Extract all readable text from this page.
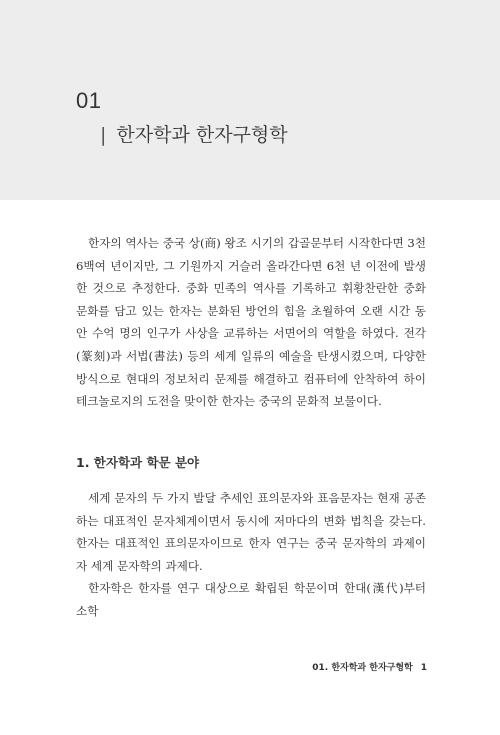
01
| 한자학과 한자구형학

한자의 역사는 중국 상(商) 왕조 시기의 갑골문부터 시작한다면 3천 6백여 년이지만, 그 기원까지 거슬러 올라간다면 6천 년 이전에 발생한 것으로 추정한다. 중화 민족의 역사를 기록하고 휘황찬란한 중화 문화를 담고 있는 한자는 분화된 방언의 힘을 초월하여 오랜 시간 동안 수억 명의 인구가 사상을 교류하는 서면어의 역할을 하였다. 전각(篆刻)과 서법(書法) 등의 세계 일류의 예술을 탄생시켰으며, 다양한 방식으로 현대의 정보처리 문제를 해결하고 컴퓨터에 안착하여 하이테크놀로지의 도전을 맞이한 한자는 중국의 문화적 보물이다.

1. 한자학과 학문 분야

세계 문자의 두 가지 발달 추세인 표의문자와 표음문자는 현재 공존하는 대표적인 문자체계이면서 동시에 저마다의 변화 법칙을 갖는다. 한자는 대표적인 표의문자이므로 한자 연구는 중국 문자학의 과제이자 세계 문자학의 과제다.

한자학은 한자를 연구 대상으로 확립된 학문이며 한대(漢代)부터 소학

01. 한자학과 한자구형학 1
